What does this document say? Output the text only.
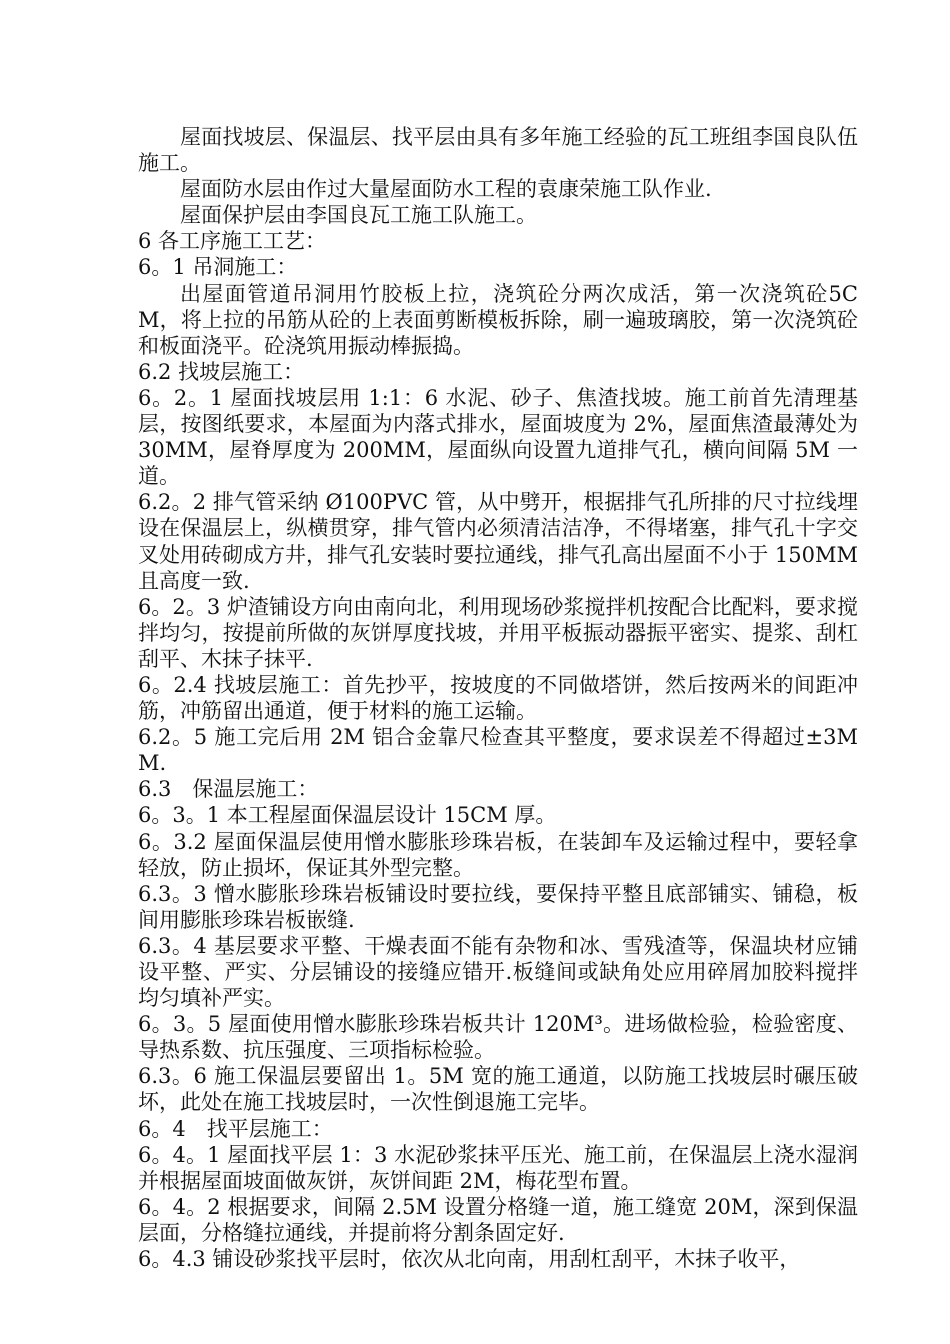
屋面找坡层、保温层、找平层由具有多年施工经验的瓦工班组李国良队伍施工。

屋面防水层由作过大量屋面防水工程的袁康荣施工队作业.

屋面保护层由李国良瓦工施工队施工。

6 各工序施工工艺：

6。1 吊洞施工：

出屋面管道吊洞用竹胶板上拉，浇筑砼分两次成活，第一次浇筑砼5CM，将上拉的吊筋从砼的上表面剪断模板拆除，刷一遍玻璃胶，第一次浇筑砼和板面浇平。砼浇筑用振动棒振捣。

6.2 找坡层施工：

6。2。1 屋面找坡层用 1:1：6 水泥、砂子、焦渣找坡。施工前首先清理基层，按图纸要求，本屋面为内落式排水，屋面坡度为 2%，屋面焦渣最薄处为 30MM，屋脊厚度为 200MM，屋面纵向设置九道排气孔，横向间隔 5M 一道。

6.2。2 排气管采纳 Ø100PVC 管，从中劈开，根据排气孔所排的尺寸拉线埋设在保温层上，纵横贯穿，排气管内必须清洁洁净，不得堵塞，排气孔十字交叉处用砖砌成方井，排气孔安装时要拉通线，排气孔高出屋面不小于 150MM 且高度一致.

6。2。3 炉渣铺设方向由南向北，利用现场砂浆搅拌机按配合比配料，要求搅拌均匀，按提前所做的灰饼厚度找坡，并用平板振动器振平密实、提浆、刮杠刮平、木抹子抹平.

6。2.4 找坡层施工：首先抄平，按坡度的不同做塔饼，然后按两米的间距冲筋，冲筋留出通道，便于材料的施工运输。

6.2。5 施工完后用 2M 铝合金靠尺检查其平整度，要求误差不得超过±3MM.

6.3　保温层施工：

6。3。1 本工程屋面保温层设计 15CM 厚。

6。3.2 屋面保温层使用憎水膨胀珍珠岩板，在装卸车及运输过程中，要轻拿轻放，防止损坏，保证其外型完整。

6.3。3 憎水膨胀珍珠岩板铺设时要拉线，要保持平整且底部铺实、铺稳，板间用膨胀珍珠岩板嵌缝.

6.3。4 基层要求平整、干燥表面不能有杂物和冰、雪残渣等，保温块材应铺设平整、严实、分层铺设的接缝应错开.板缝间或缺角处应用碎屑加胶料搅拌均匀填补严实。

6。3。5 屋面使用憎水膨胀珍珠岩板共计 120M³。进场做检验，检验密度、导热系数、抗压强度、三项指标检验。

6.3。6 施工保温层要留出 1。5M 宽的施工通道，以防施工找坡层时碾压破坏，此处在施工找坡层时，一次性倒退施工完毕。

6。4　找平层施工：

6。4。1 屋面找平层 1：3 水泥砂浆抹平压光、施工前，在保温层上浇水湿润并根据屋面坡面做灰饼，灰饼间距 2M，梅花型布置。

6。4。2 根据要求，间隔 2.5M 设置分格缝一道，施工缝宽 20M，深到保温层面，分格缝拉通线，并提前将分割条固定好.

6。4.3 铺设砂浆找平层时，依次从北向南，用刮杠刮平，木抹子收平，
